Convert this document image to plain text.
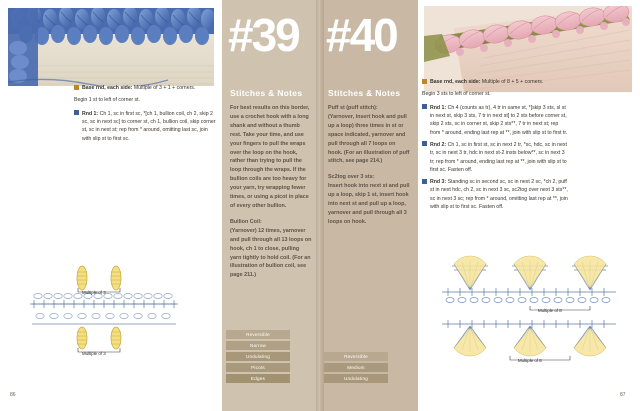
Base rnd, each side: Multiple of 3 + 1 + corners.

Begin 1 st to left of corner st.

Rnd 1: Ch 1, sc in first sc, *[ch 1, bullion coil, ch 2, skip 2 sc, sc in next sc] to corner st, ch 1, bullion coil, skip corner st, sc in next st; rep from * around, omitting last sc, join with slip st to first sc.
Multiple of 3
Multiple of 3
86
#39
Stitches & Notes

For best results on this border, use a crochet hook with a long shank and without a thumb rest. Take your time, and use your fingers to pull the wraps over the loop on the hook, rather than trying to pull the loop through the wraps. If the bullion coils are too heavy for your yarn, try wrapping fewer times, or using a picot in place of every other bullion.

Bullion Coil:
(Yarnover) 12 times, yarnover and pull through all 13 loops on hook, ch 1 to close, pulling yarn tightly to hold coil. (For an illustration of bullion coil, see page 211.)

Reversible
Narrow
Undulating
Picots
Edges
#40
Stitches & Notes

Puff st (puff stitch):
(Yarnover, insert hook and pull up a loop) three times in st or space indicated, yarnover and pull through all 7 loops on hook. (For an illustration of puff stitch, see page 214.)

Sc2tog over 3 sts:
Insert hook into next st and pull up a loop, skip 1 st, insert hook into next st and pull up a loop, yarnover and pull through all 3 loops on hook.

Base rnd, each side: Multiple of 8 + 5 + corners.

Begin 3 sts to left of corner st.

Rnd 1: Ch 4 (counts as tr), 4 tr in same st, *[skip 3 sts, sl st in next st, skip 3 sts, 7 tr in next st] to 2 sts before corner st, skip 2 sts, sc in corner st, skip 2 sts**, 7 tr in next st; rep from * around, ending last rep at **, join with slip st to first tr.
Rnd 2: Ch 1, sc in first st, sc in next 2 tr, *sc, hdc, sc in next tr, sc in next 3 tr, hdc in next st-2 insts below**, sc in next 3 tr; rep from * around, ending last rep at **, join with slip st to first sc. Fasten off.
Rnd 3: Standing sc in second sc, sc in next 2 sc, *ch 2, puff st in next hdc, ch 2, sc in next 3 sc, sc2tog over next 3 sts**, sc in next 3 sc; rep from * around, omitting last rep at **, join with slip st to first sc. Fasten off.
Multiple of 8
Multiple of 8
Reversible
Medium
Undulating
87
